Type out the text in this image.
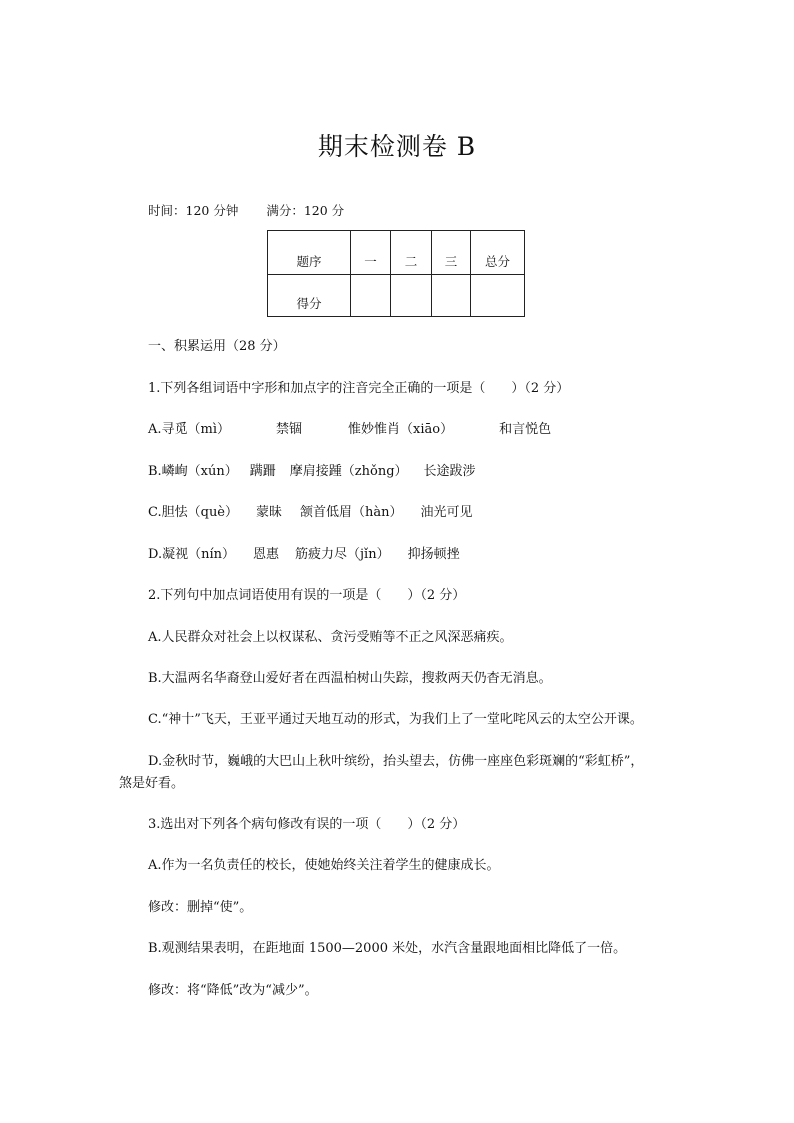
期末检测卷 B
时间：120 分钟 满分：120 分
题序	一	二	三	总分
得分				
一、积累运用（28 分）
1.下列各组词语中字形和加点字的注音完全正确的一项是（　　）（2 分）
A.寻觅（mì）	禁锢	惟妙惟肖（xiāo）	和言悦色
B.嶙峋（xún） 蹒跚 摩肩接踵（zhǒng） 长途跋涉
C.胆怯（què） 蒙昧 颔首低眉（hàn） 油光可见
D.凝视（nín） 恩惠 筋疲力尽（jǐn） 抑扬顿挫
2.下列句中加点词语使用有误的一项是（　　）（2 分）
A.人民群众对社会上以权谋私、贪污受贿等不正之风深恶痛疾。
B.大温两名华裔登山爱好者在西温柏树山失踪，搜救两天仍杳无消息。
C.“神十”飞天，王亚平通过天地互动的形式，为我们上了一堂叱咤风云的太空公开课。
D.金秋时节，巍峨的大巴山上秋叶缤纷，抬头望去，仿佛一座座色彩斑斓的“彩虹桥”，
煞是好看。
3.选出对下列各个病句修改有误的一项（　　）（2 分）
A.作为一名负责任的校长，使她始终关注着学生的健康成长。
修改：删掉“使”。
B.观测结果表明，在距地面 1500—2000 米处，水汽含量跟地面相比降低了一倍。
修改：将“降低”改为“减少”。
